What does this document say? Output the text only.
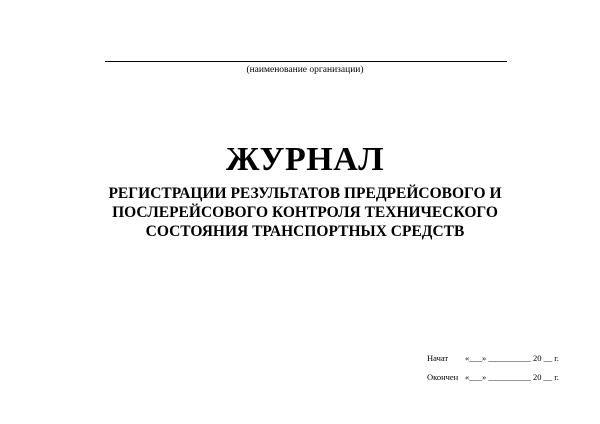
(наименование организации)
ЖУРНАЛ
РЕГИСТРАЦИИ РЕЗУЛЬТАТОВ ПРЕДРЕЙСОВОГО И
ПОСЛЕРЕЙСОВОГО КОНТРОЛЯ ТЕХНИЧЕСКОГО
СОСТОЯНИЯ ТРАНСПОРТНЫХ СРЕДСТВ
Начат	«___» __________ 20 __ г.
Окончен «___» __________ 20 __ г.
